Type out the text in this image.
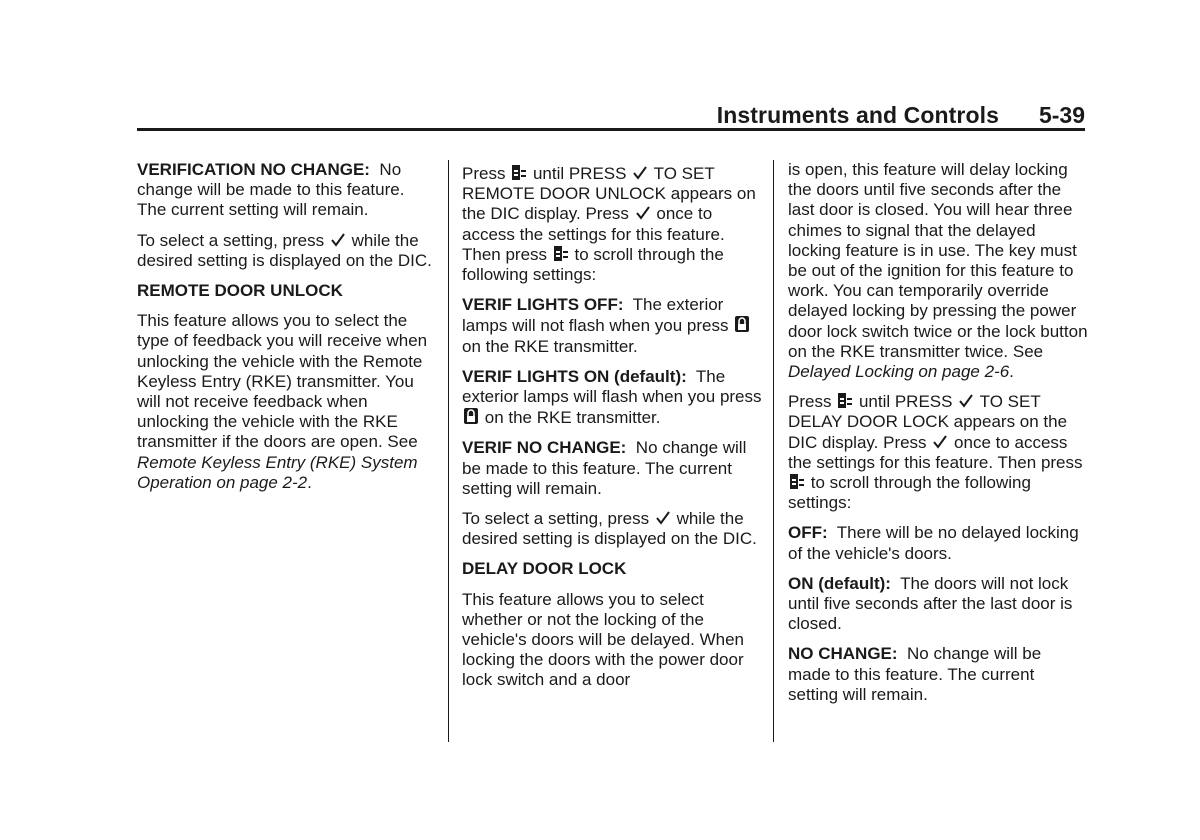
Instruments and Controls 5-39

VERIFICATION NO CHANGE: No change will be made to this feature. The current setting will remain.

To select a setting, press while the desired setting is displayed on the DIC.

REMOTE DOOR UNLOCK

This feature allows you to select the type of feedback you will receive when unlocking the vehicle with the Remote Keyless Entry (RKE) transmitter. You will not receive feedback when unlocking the vehicle with the RKE transmitter if the doors are open. See Remote Keyless Entry (RKE) System Operation on page 2-2.

Press until PRESS TO SET REMOTE DOOR UNLOCK appears on the DIC display. Press once to access the settings for this feature. Then press to scroll through the following settings:

VERIF LIGHTS OFF: The exterior lamps will not flash when you press
on the RKE transmitter.

VERIF LIGHTS ON (default): The exterior lamps will flash when you press
on the RKE transmitter.

VERIF NO CHANGE: No change will be made to this feature. The current setting will remain.

To select a setting, press while the desired setting is displayed on the DIC.

DELAY DOOR LOCK

This feature allows you to select whether or not the locking of the vehicle's doors will be delayed. When locking the doors with the power door lock switch and a door

is open, this feature will delay locking the doors until five seconds after the last door is closed. You will hear three chimes to signal that the delayed locking feature is in use. The key must be out of the ignition for this feature to work. You can temporarily override delayed locking by pressing the power door lock switch twice or the lock button on the RKE transmitter twice. See Delayed Locking on page 2-6.

Press until PRESS TO SET DELAY DOOR LOCK appears on the DIC display. Press once to access the settings for this feature. Then press
to scroll through the following settings:

OFF: There will be no delayed locking of the vehicle's doors.

ON (default): The doors will not lock until five seconds after the last door is closed.

NO CHANGE: No change will be made to this feature. The current setting will remain.
